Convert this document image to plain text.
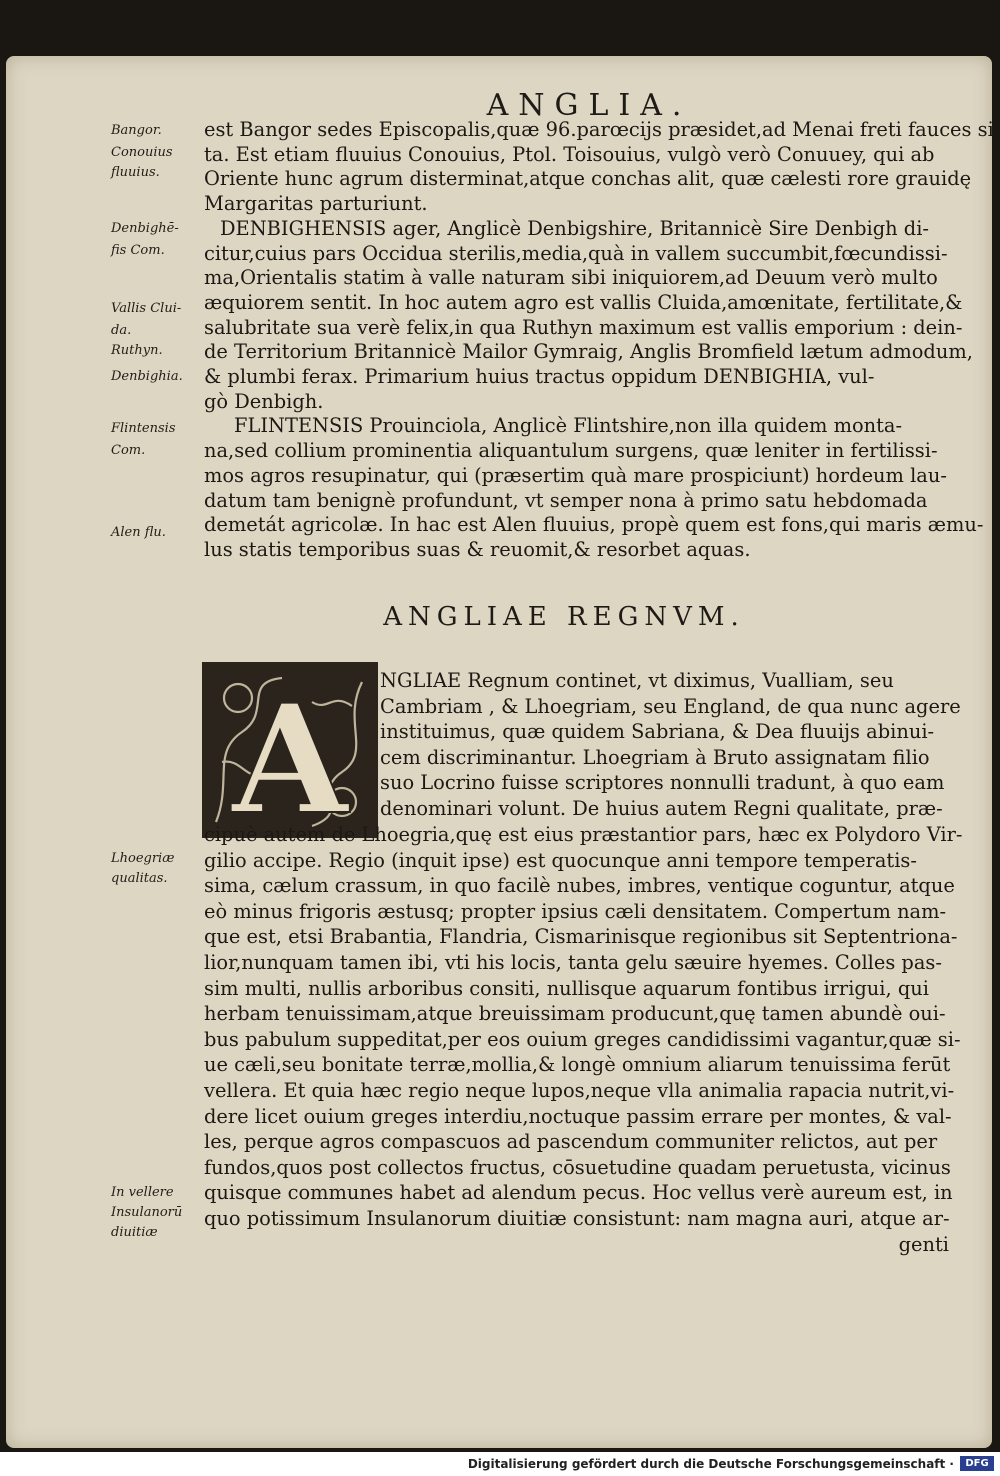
ANGLIA.
Bangor.
Conouius
fluuius.
Denbighē-
fis Com.
Vallis Clui-
da.
Ruthyn.
Denbighia.
Flintensis
Com.
Alen flu.
Lhoegriæ
qualitas.
In vellere
Insulanorū
diuitiæ
est Bangor sedes Episcopalis,quæ 96.parœcijs præsidet,ad Menai freti fauces si-
ta. Est etiam fluuius Conouius, Ptol. Toisouius, vulgò verò Conuuey, qui ab
Oriente hunc agrum disterminat,atque conchas alit, quæ cælesti rore grauidę
Margaritas parturiunt.
DENBIGHENSIS ager, Anglicè Denbigshire, Britannicè Sire Denbigh di-
citur,cuius pars Occidua sterilis,media,quà in vallem succumbit,fœcundissi-
ma,Orientalis statim à valle naturam sibi iniquiorem,ad Deuum verò multo
æquiorem sentit. In hoc autem agro est vallis Cluida,amœnitate, fertilitate,&
salubritate sua verè felix,in qua Ruthyn maximum est vallis emporium : dein-
de Territorium Britannicè Mailor Gymraig, Anglis Bromfield lætum admodum,
& plumbi ferax. Primarium huius tractus oppidum DENBIGHIA, vul-
gò Denbigh.
FLINTENSIS Prouinciola, Anglicè Flintshire,non illa quidem monta-
na,sed collium prominentia aliquantulum surgens, quæ leniter in fertilissi-
mos agros resupinatur, qui (præsertim quà mare prospiciunt) hordeum lau-
datum tam benignè profundunt, vt semper nona à primo satu hebdomada
demetát agricolæ. In hac est Alen fluuius, propè quem est fons,qui maris æmu-
lus statis temporibus suas & reuomit,& resorbet aquas.
ANGLIAE REGNVM.
A NGLIAE Regnum continet, vt diximus, Vualliam, seu
Cambriam , & Lhoegriam, seu England, de qua nunc agere
instituimus, quæ quidem Sabriana, & Dea fluuijs abinui-
cem discriminantur. Lhoegriam à Bruto assignatam filio
suo Locrino fuisse scriptores nonnulli tradunt, à quo eam
denominari volunt. De huius autem Regni qualitate, præ-
cipuè autem de Lhoegria,quę est eius præstantior pars, hæc ex Polydoro Vir-
gilio accipe. Regio (inquit ipse) est quocunque anni tempore temperatis-
sima, cælum crassum, in quo facilè nubes, imbres, ventique coguntur, atque
eò minus frigoris æstusq; propter ipsius cæli densitatem. Compertum nam-
que est, etsi Brabantia, Flandria, Cismarinisque regionibus sit Septentriona-
lior,nunquam tamen ibi, vti his locis, tanta gelu sæuire hyemes. Colles pas-
sim multi, nullis arboribus consiti, nullisque aquarum fontibus irrigui, qui
herbam tenuissimam,atque breuissimam producunt,quę tamen abundè oui-
bus pabulum suppeditat,per eos ouium greges candidissimi vagantur,quæ si-
ue cæli,seu bonitate terræ,mollia,& longè omnium aliarum tenuissima ferūt
vellera. Et quia hæc regio neque lupos,neque vlla animalia rapacia nutrit,vi-
dere licet ouium greges interdiu,noctuque passim errare per montes, & val-
les, perque agros compascuos ad pascendum communiter relictos, aut per
fundos,quos post collectos fructus, cōsuetudine quadam peruetusta, vicinus
quisque communes habet ad alendum pecus. Hoc vellus verè aureum est, in
quo potissimum Insulanorum diuitiæ consistunt: nam magna auri, atque ar-
genti
Digitalisierung gefördert durch die Deutsche Forschungsgemeinschaft ·	DFG
